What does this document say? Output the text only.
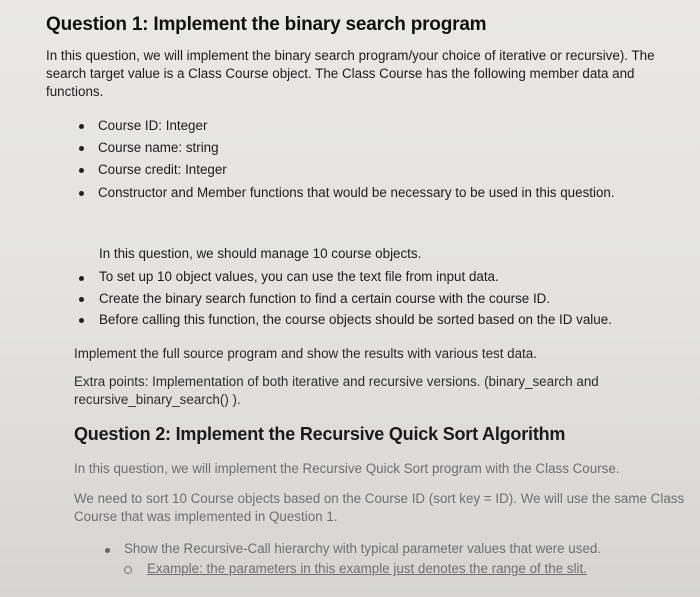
Question 1: Implement the binary search program
In this question, we will implement the binary search program/your choice of iterative or recursive). The
search target value is a Class Course object. The Class Course has the following member data and
functions.
Course ID: Integer
Course name: string
Course credit: Integer
Constructor and Member functions that would be necessary to be used in this question.
In this question, we should manage 10 course objects.
To set up 10 object values, you can use the text file from input data.
Create the binary search function to find a certain course with the course ID.
Before calling this function, the course objects should be sorted based on the ID value.
Implement the full source program and show the results with various test data.
Extra points: Implementation of both iterative and recursive versions. (binary_search and
recursive_binary_search() ).
Question 2: Implement the Recursive Quick Sort Algorithm
In this question, we will implement the Recursive Quick Sort program with the Class Course.
We need to sort 10 Course objects based on the Course ID (sort key = ID). We will use the same Class
Course that was implemented in Question 1.
Show the Recursive-Call hierarchy with typical parameter values that were used.
Example: the parameters in this example just denotes the range of the slit.
